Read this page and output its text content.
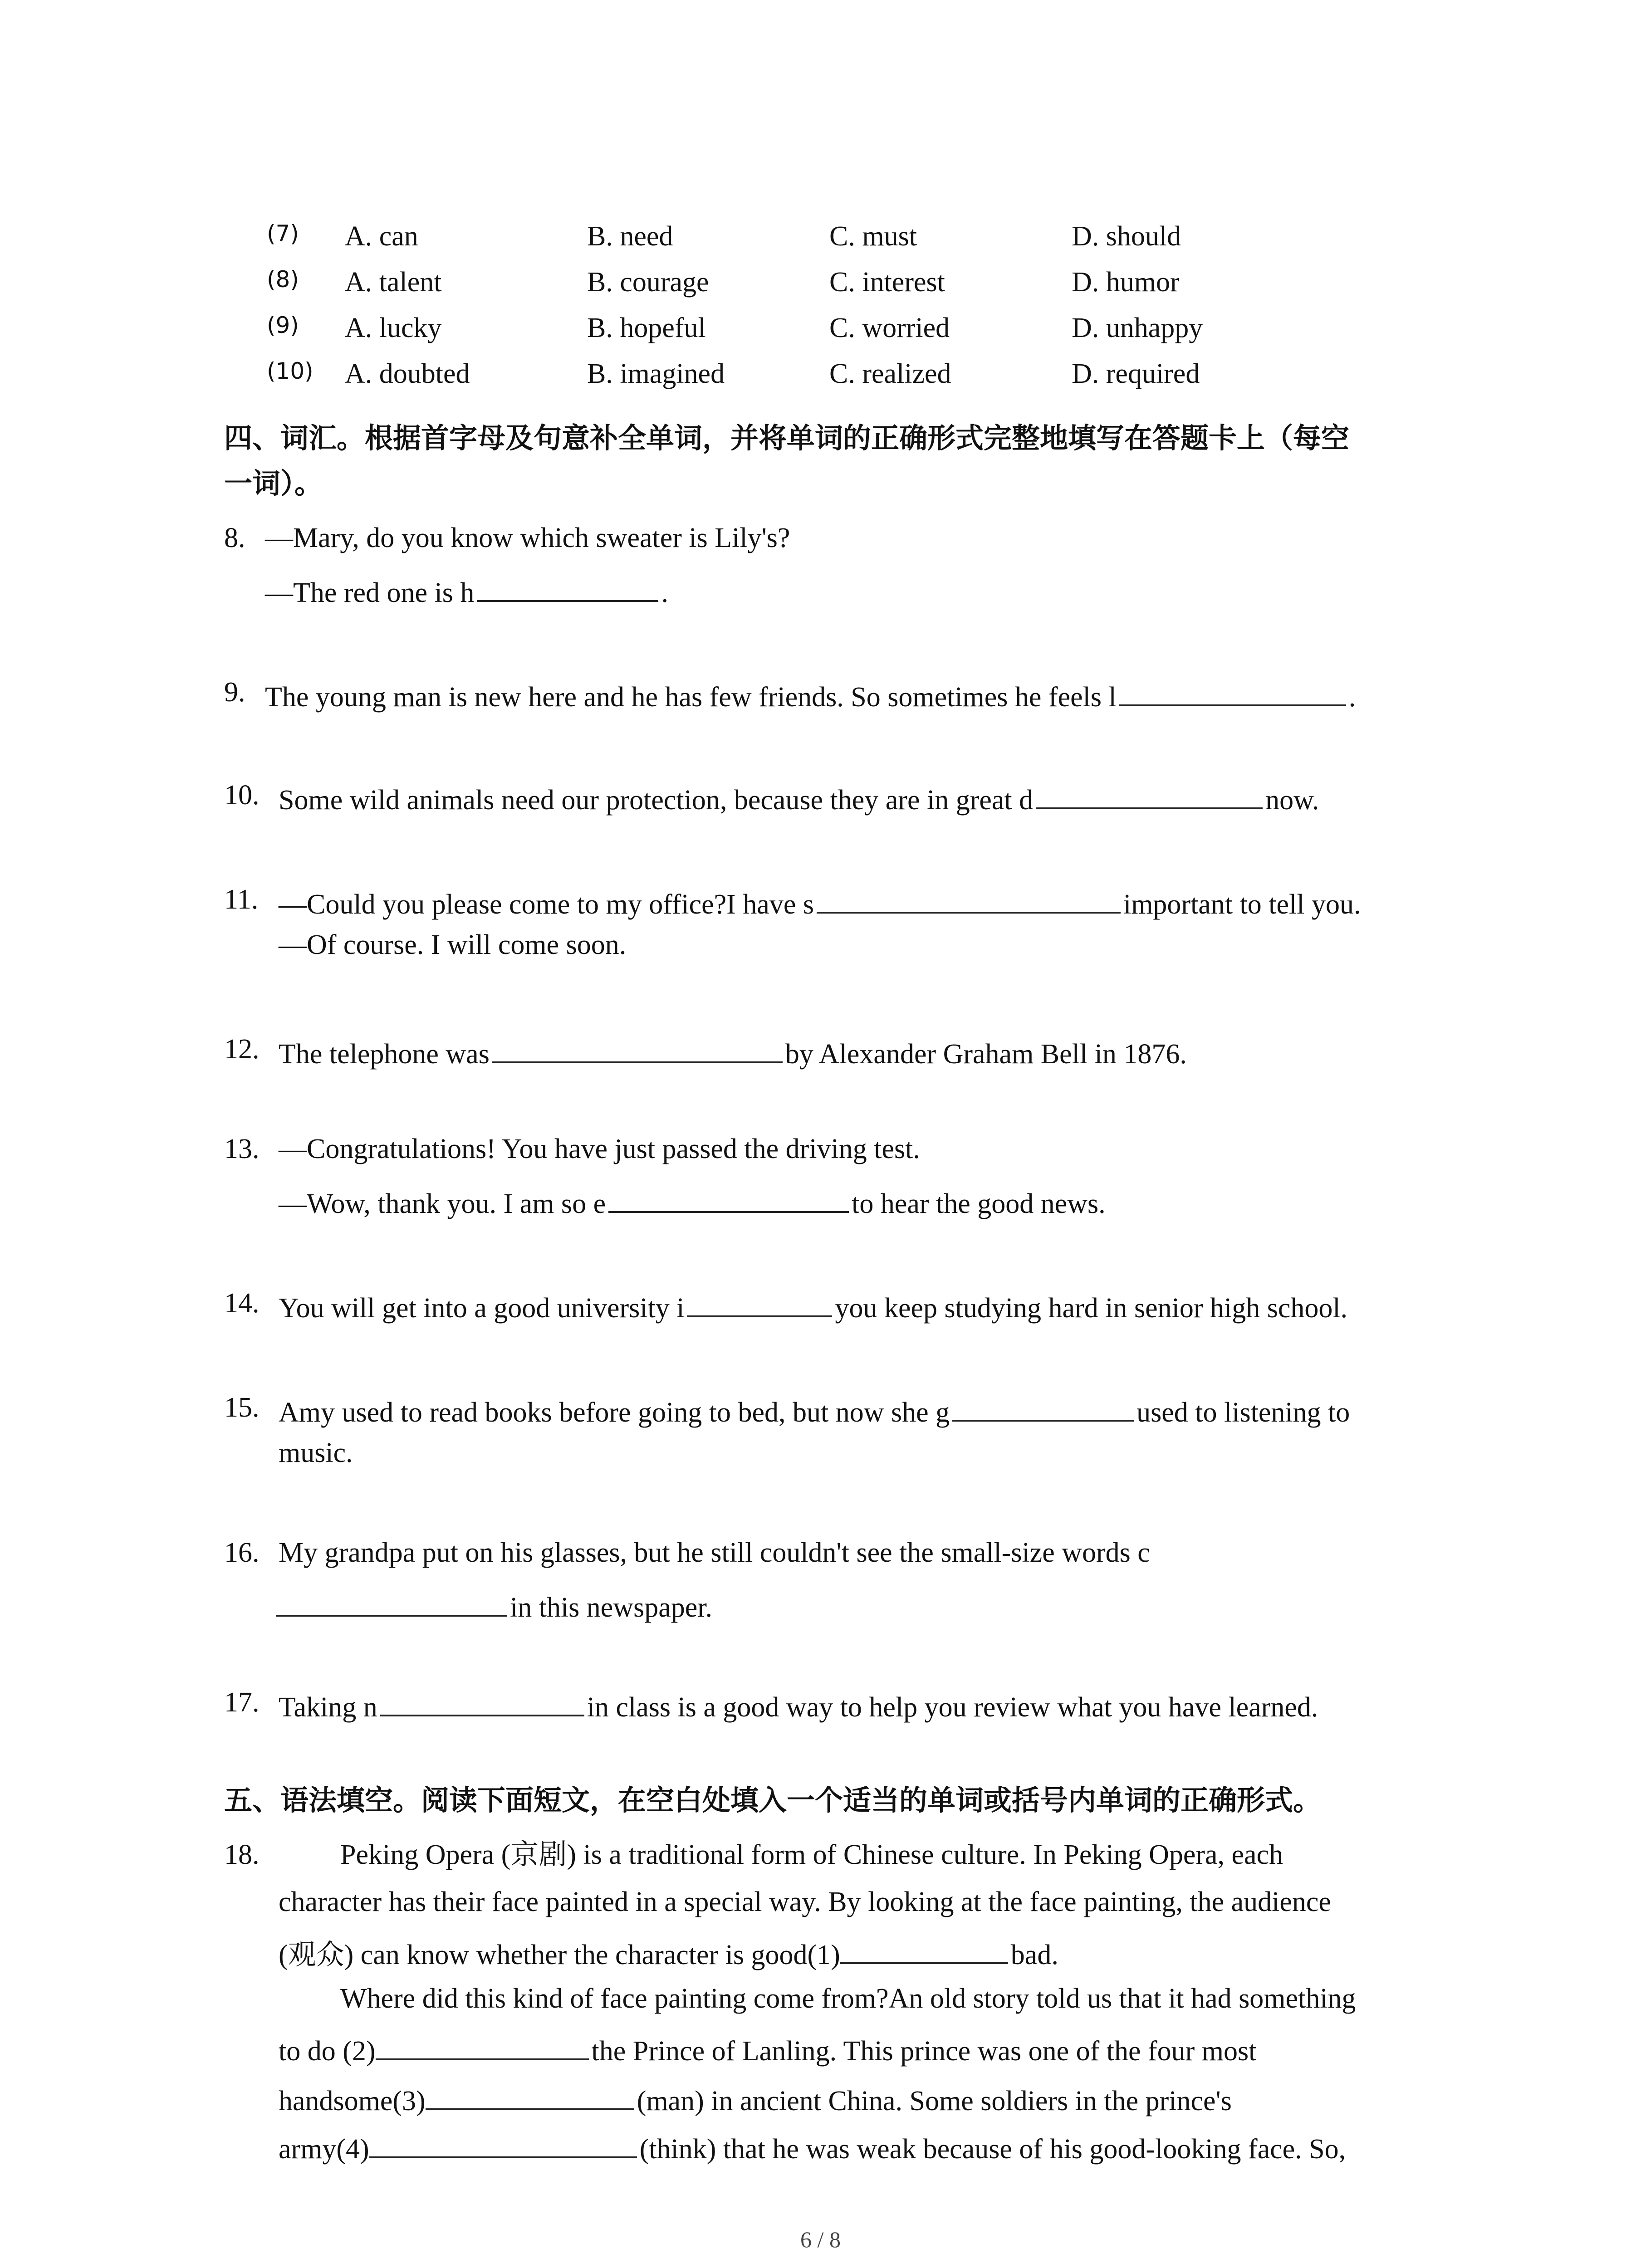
(7) A. can	B. need	C. must	D. should
(8) A. talent	B. courage	C. interest	D. humor
(9) A. lucky	B. hopeful	C. worried	D. unhappy
(10) A. doubted	B. imagined	C. realized	D. required
四、词汇。根据首字母及句意补全单词，并将单词的正确形式完整地填写在答题卡上（每空
一词）。
8. —Mary, do you know which sweater is Lily's?
—The red one is h	.
9. The young man is new here and he has few friends. So sometimes he feels l	.
10. Some wild animals need our protection, because they are in great d	now.
11. —Could you please come to my office?I have s	important to tell you.
—Of course. I will come soon.
12. The telephone was	by Alexander Graham Bell in 1876.
13. —Congratulations! You have just passed the driving test.
—Wow, thank you. I am so e	to hear the good news.
14. You will get into a good university i	you keep studying hard in senior high school.
15. Amy used to read books before going to bed, but now she g	used to listening to
music.
16. My grandpa put on his glasses, but he still couldn't see the small-size words c
in this newspaper.
17. Taking n	in class is a good way to help you review what you have learned.
五、语法填空。阅读下面短文，在空白处填入一个适当的单词或括号内单词的正确形式。
18.	Peking Opera (京剧) is a traditional form of Chinese culture. In Peking Opera, each
character has their face painted in a special way. By looking at the face painting, the audience
(观众) can know whether the character is good(1)	bad.
Where did this kind of face painting come from?An old story told us that it had something
to do (2)	the Prince of Lanling. This prince was one of the four most
handsome(3)	(man) in ancient China. Some soldiers in the prince's
army(4)	(think) that he was weak because of his good-looking face. So,
6 / 8
